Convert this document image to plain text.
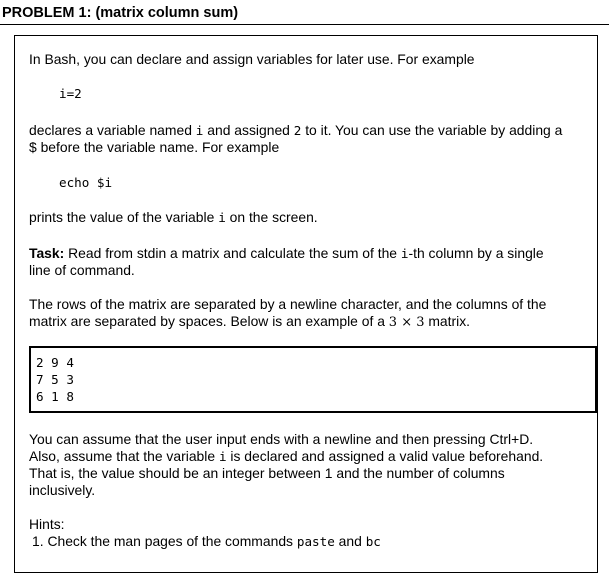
PROBLEM 1: (matrix column sum)
In Bash, you can declare and assign variables for later use. For example
i=2
declares a variable named i and assigned 2 to it. You can use the variable by adding a
$ before the variable name. For example
echo $i
prints the value of the variable i on the screen.
Task: Read from stdin a matrix and calculate the sum of the i-th column by a single
line of command.
The rows of the matrix are separated by a newline character, and the columns of the
matrix are separated by spaces. Below is an example of a 3 × 3 matrix.
2 9 4
7 5 3
6 1 8
You can assume that the user input ends with a newline and then pressing Ctrl+D.
Also, assume that the variable i is declared and assigned a valid value beforehand.
That is, the value should be an integer between 1 and the number of columns
inclusively.
Hints:
1. Check the man pages of the commands paste and bc
